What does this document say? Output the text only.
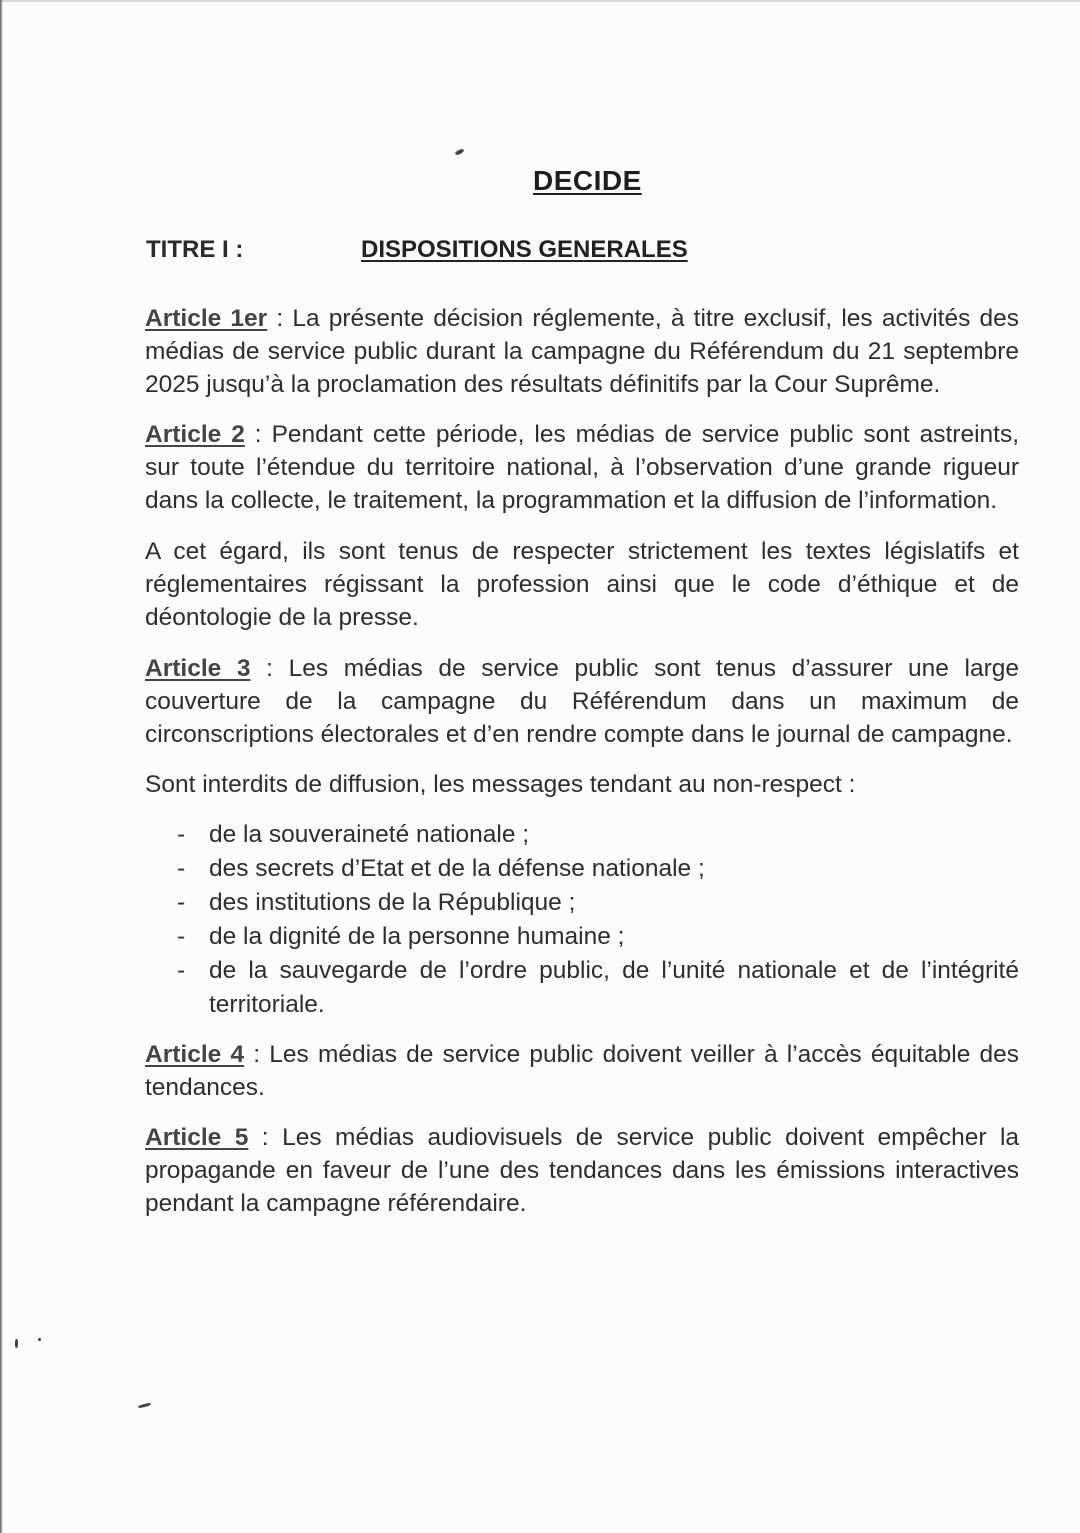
DECIDE
TITRE I :	DISPOSITIONS GENERALES
Article 1er : La présente décision réglemente, à titre exclusif, les activités des médias de service public durant la campagne du Référendum du 21 septembre 2025 jusqu’à la proclamation des résultats définitifs par la Cour Suprême.
Article 2 : Pendant cette période, les médias de service public sont astreints, sur toute l’étendue du territoire national, à l’observation d’une grande rigueur dans la collecte, le traitement, la programmation et la diffusion de l’information.
A cet égard, ils sont tenus de respecter strictement les textes législatifs et réglementaires régissant la profession ainsi que le code d’éthique et de déontologie de la presse.
Article 3 : Les médias de service public sont tenus d’assurer une large couverture de la campagne du Référendum dans un maximum de circonscriptions électorales et d’en rendre compte dans le journal de campagne.
Sont interdits de diffusion, les messages tendant au non-respect :
- de la souveraineté nationale ;
- des secrets d’Etat et de la défense nationale ;
- des institutions de la République ;
- de la dignité de la personne humaine ;
- de la sauvegarde de l’ordre public, de l’unité nationale et de l’intégrité territoriale.
Article 4 : Les médias de service public doivent veiller à l’accès équitable des tendances.
Article 5 : Les médias audiovisuels de service public doivent empêcher la propagande en faveur de l’une des tendances dans les émissions interactives pendant la campagne référendaire.
